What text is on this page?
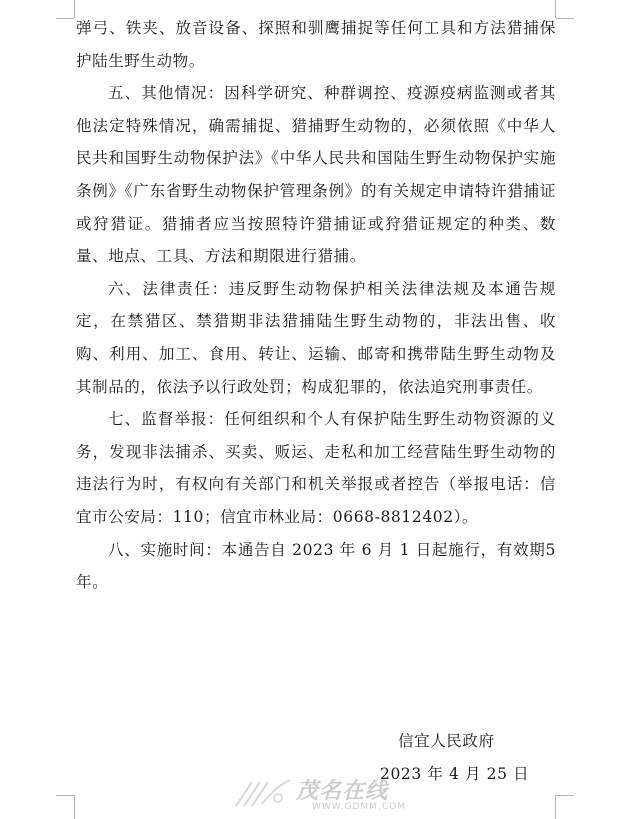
弹弓、铁夹、放音设备、探照和驯鹰捕捉等任何工具和方法猎捕保护陆生野生动物。

五、其他情况：因科学研究、种群调控、疫源疫病监测或者其他法定特殊情况，确需捕捉、猎捕野生动物的，必须依照《中华人民共和国野生动物保护法》《中华人民共和国陆生野生动物保护实施条例》《广东省野生动物保护管理条例》的有关规定申请特许猎捕证或狩猎证。猎捕者应当按照特许猎捕证或狩猎证规定的种类、数量、地点、工具、方法和期限进行猎捕。

六、法律责任：违反野生动物保护相关法律法规及本通告规定，在禁猎区、禁猎期非法猎捕陆生野生动物的，非法出售、收购、利用、加工、食用、转让、运输、邮寄和携带陆生野生动物及其制品的，依法予以行政处罚；构成犯罪的，依法追究刑事责任。

七、监督举报：任何组织和个人有保护陆生野生动物资源的义务，发现非法捕杀、买卖、贩运、走私和加工经营陆生野生动物的违法行为时，有权向有关部门和机关举报或者控告（举报电话：信宜市公安局：110；信宜市林业局：0668-8812402）。

八、实施时间：本通告自 2023 年 6 月 1 日起施行，有效期5 年。

信宜人民政府
2023 年 4 月 25 日
茂名在线
WWW.GDMM.COM
